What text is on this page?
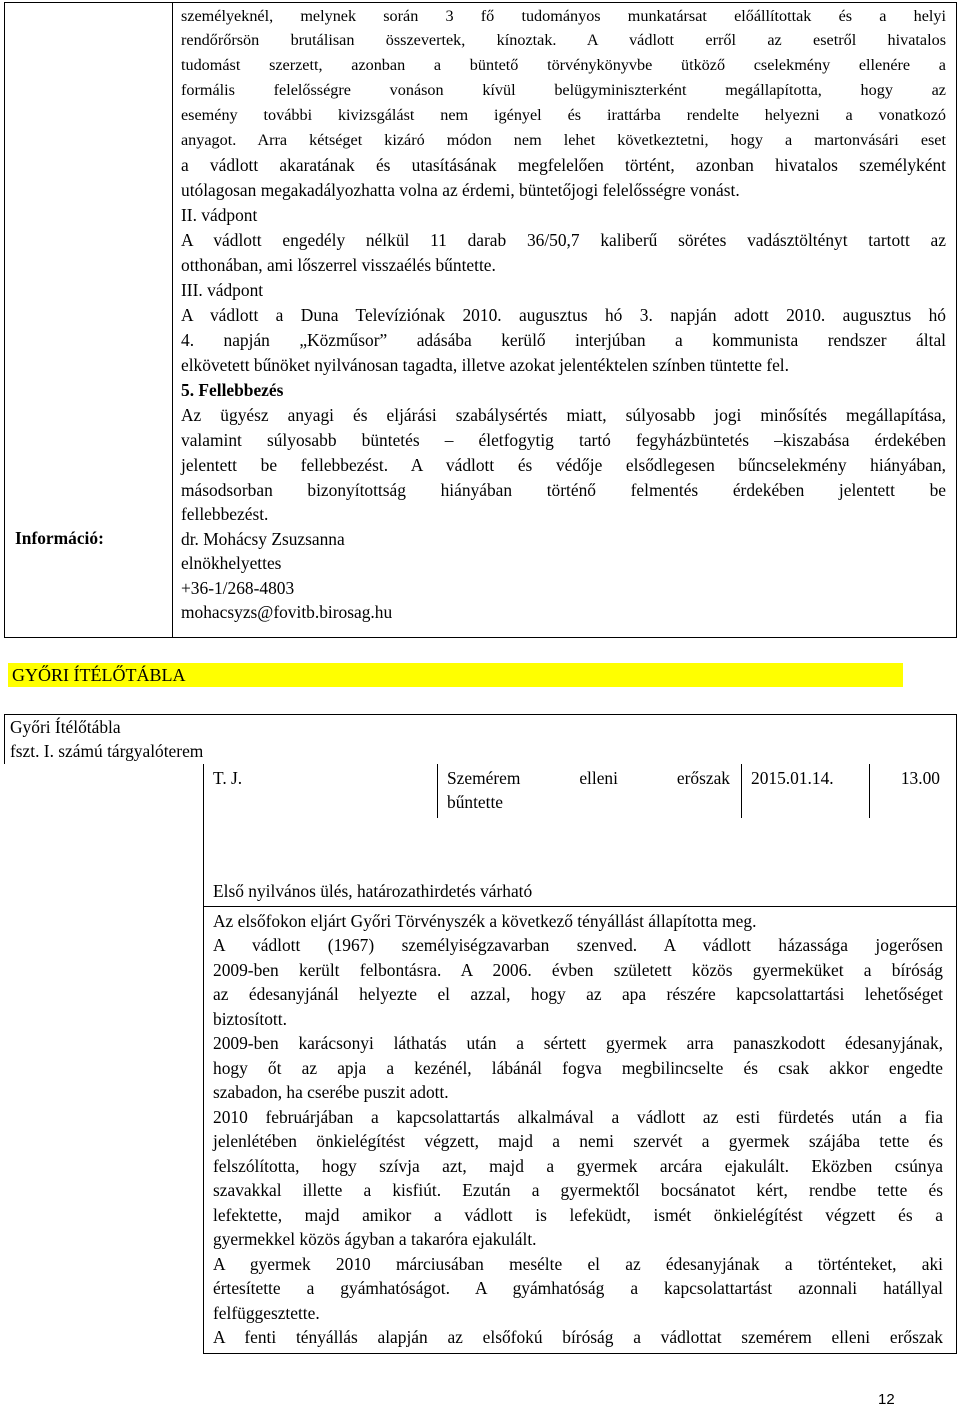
Információ:
személyeknél, melynek során 3 fő tudományos munkatársat előállítottak és a helyi
rendőrőrsön brutálisan összevertek, kínoztak. A vádlott erről az esetről hivatalos
tudomást szerzett, azonban a büntető törvénykönyvbe ütköző cselekmény ellenére a
formális felelősségre vonáson kívül belügyminiszterként megállapította, hogy az
esemény további kivizsgálást nem igényel és irattárba rendelte helyezni a vonatkozó
anyagot. Arra kétséget kizáró módon nem lehet következtetni, hogy a martonvásári eset
a vádlott akaratának és utasításának megfelelően történt, azonban hivatalos személyként
utólagosan megakadályozhatta volna az érdemi, büntetőjogi felelősségre vonást.
II. vádpont
A vádlott engedély nélkül 11 darab 36/50,7 kaliberű sörétes vadásztöltényt tartott az
otthonában, ami lőszerrel visszaélés bűntette.
III. vádpont
A vádlott a Duna Televíziónak 2010. augusztus hó 3. napján adott 2010. augusztus hó
4. napján „Közműsor” adásába kerülő interjúban a kommunista rendszer által
elkövetett bűnöket nyilvánosan tagadta, illetve azokat jelentéktelen színben tüntette fel.
5. Fellebbezés
Az ügyész anyagi és eljárási szabálysértés miatt, súlyosabb jogi minősítés megállapítása,
valamint súlyosabb büntetés – életfogytig tartó fegyházbüntetés –kiszabása érdekében
jelentett be fellebbezést. A vádlott és védője elsődlegesen bűncselekmény hiányában,
másodsorban bizonyítottság hiányában történő felmentés érdekében jelentett be
fellebbezést.
dr. Mohácsy Zsuzsanna
elnökhelyettes
+36-1/268-4803
mohacsyzs@fovitb.birosag.hu
GYŐRI ÍTÉLŐTÁBLA
Győri Ítélőtábla
fszt. I. számú tárgyalóterem
T. J.	Szemérem elleni erőszak
bűntette
2015.01.14.	13.00
Első nyilvános ülés, határozathirdetés várható
Az elsőfokon eljárt Győri Törvényszék a következő tényállást állapította meg.
A vádlott (1967) személyiségzavarban szenved. A vádlott házassága jogerősen
2009-ben került felbontásra. A 2006. évben született közös gyermeküket a bíróság
az édesanyjánál helyezte el azzal, hogy az apa részére kapcsolattartási lehetőséget
biztosított.
2009-ben karácsonyi láthatás után a sértett gyermek arra panaszkodott édesanyjának,
hogy őt az apja a kezénél, lábánál fogva megbilincselte és csak akkor engedte
szabadon, ha cserébe puszit adott.
2010 februárjában a kapcsolattartás alkalmával a vádlott az esti fürdetés után a fia
jelenlétében önkielégítést végzett, majd a nemi szervét a gyermek szájába tette és
felszólította, hogy szívja azt, majd a gyermek arcára ejakulált. Eközben csúnya
szavakkal illette a kisfiút. Ezután a gyermektől bocsánatot kért, rendbe tette és
lefektette, majd amikor a vádlott is lefeküdt, ismét önkielégítést végzett és a
gyermekkel közös ágyban a takaróra ejakulált.
A gyermek 2010 márciusában mesélte el az édesanyjának a történteket, aki
értesítette a gyámhatóságot. A gyámhatóság a kapcsolattartást azonnali hatállyal
felfüggesztette.
A fenti tényállás alapján az elsőfokú bíróság a vádlottat szemérem elleni erőszak
12
